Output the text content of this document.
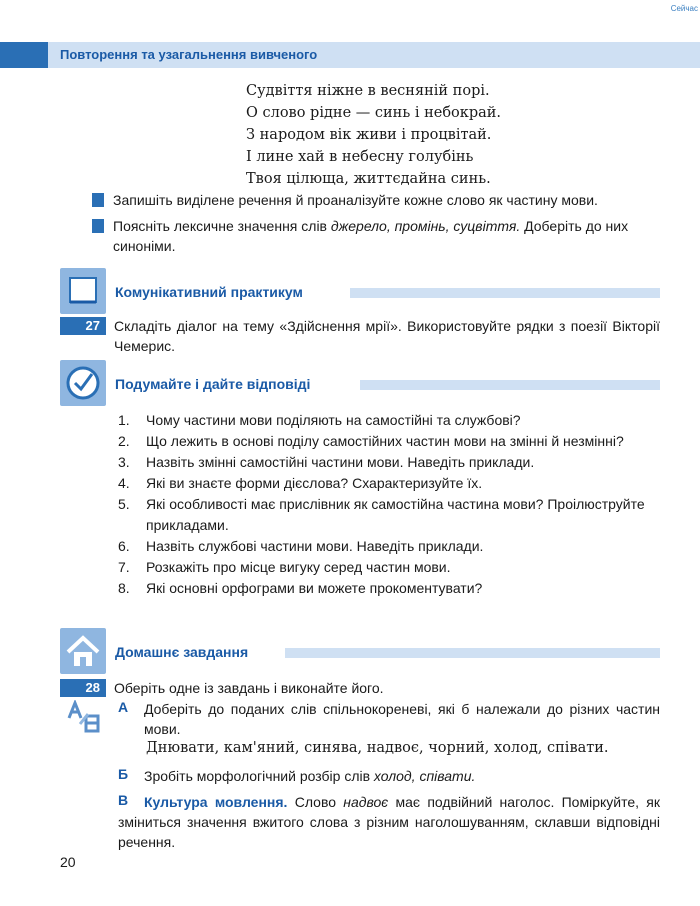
Сейчас
Повторення та узагальнення вивченого
Судвіття ніжне в весняній порі.
О слово рідне — синь і небокрай.
З народом вік живи і процвітай.
І лине хай в небесну голубінь
Твоя цілюща, життєдайна синь.
Запишіть виділене речення й проаналізуйте кожне слово як частину мови.
Поясніть лексичне значення слів джерело, промінь, суцвіття. Доберіть до них синоніми.
Комунікативний практикум
27	Складіть діалог на тему «Здійснення мрії». Використовуйте рядки з поезії Вікторії Чемерис.
Подумайте і дайте відповіді
1. Чому частини мови поділяють на самостійні та службові?
2. Що лежить в основі поділу самостійних частин мови на змінні й незмінні?
3. Назвіть змінні самостійні частини мови. Наведіть приклади.
4. Які ви знаєте форми дієслова? Схарактеризуйте їх.
5. Які особливості має прислівник як самостійна частина мови? Проілюструйте прикладами.
6. Назвіть службові частини мови. Наведіть приклади.
7. Розкажіть про місце вигуку серед частин мови.
8. Які основні орфограми ви можете прокоментувати?
Домашнє завдання
28	Оберіть одне із завдань і виконайте його.
А Доберіть до поданих слів спільнокореневі, які б належали до різних частин мови.
Днювати, кам'яний, синява, надвоє, чорний, холод, співати.
Б Зробіть морфологічний розбір слів холод, співати.
В	Культура мовлення. Слово надвоє має подвійний наголос. Поміркуйте, як зміниться значення вжитого слова з різним наголошуванням, склавши відповідні речення.
20
